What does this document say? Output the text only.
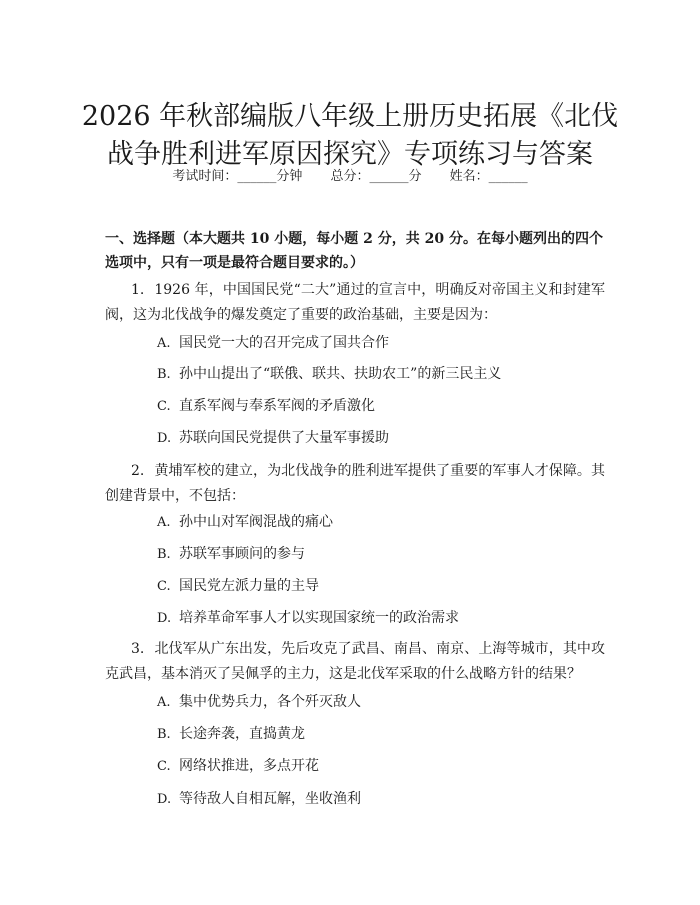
2026 年秋部编版八年级上册历史拓展《北伐
战争胜利进军原因探究》专项练习与答案
考试时间：______分钟 总分：______分 姓名：______
一、选择题（本大题共 10 小题，每小题 2 分，共 20 分。在每小题列出的四个选项中，只有一项是最符合题目要求的。）
1. 1926 年，中国国民党“二大”通过的宣言中，明确反对帝国主义和封建军阀，这为北伐战争的爆发奠定了重要的政治基础，主要是因为：
A. 国民党一大的召开完成了国共合作
B. 孙中山提出了“联俄、联共、扶助农工”的新三民主义
C. 直系军阀与奉系军阀的矛盾激化
D. 苏联向国民党提供了大量军事援助
2. 黄埔军校的建立，为北伐战争的胜利进军提供了重要的军事人才保障。其创建背景中，不包括：
A. 孙中山对军阀混战的痛心
B. 苏联军事顾问的参与
C. 国民党左派力量的主导
D. 培养革命军事人才以实现国家统一的政治需求
3. 北伐军从广东出发，先后攻克了武昌、南昌、南京、上海等城市，其中攻克武昌，基本消灭了吴佩孚的主力，这是北伐军采取的什么战略方针的结果？
A. 集中优势兵力，各个歼灭敌人
B. 长途奔袭，直捣黄龙
C. 网络状推进，多点开花
D. 等待敌人自相瓦解，坐收渔利
